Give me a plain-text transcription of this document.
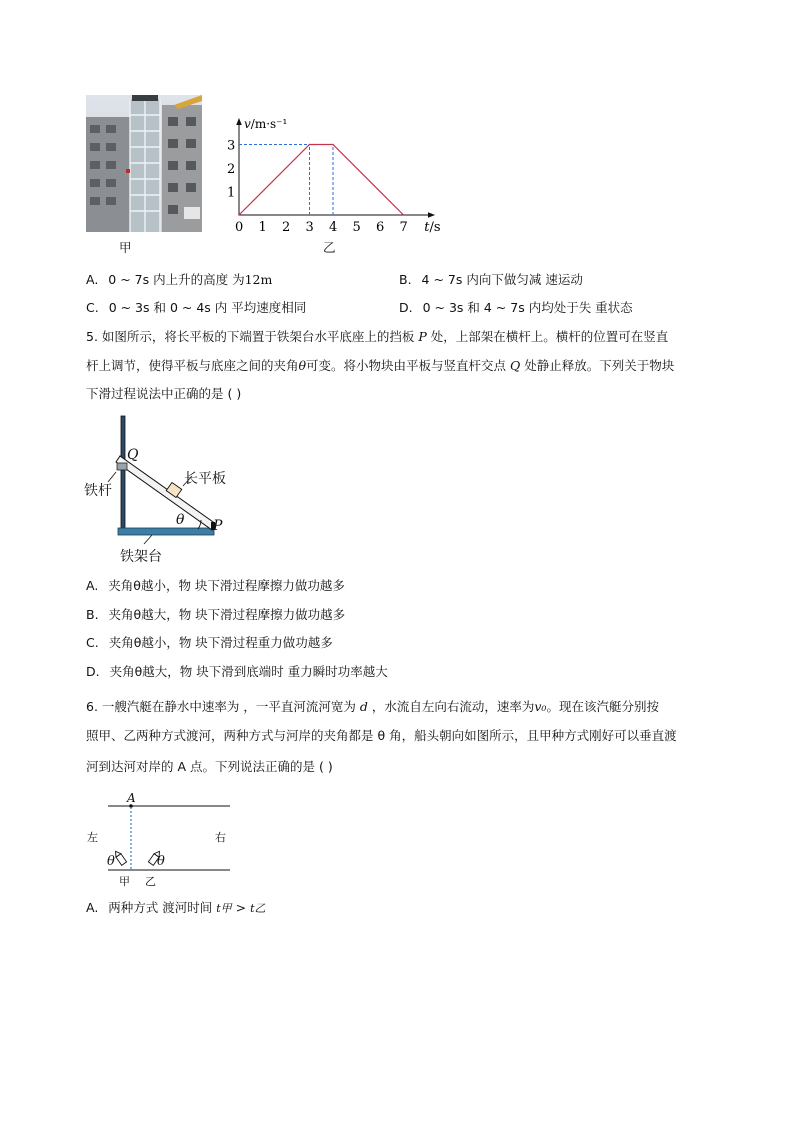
甲
0 1 2 3 4 5 6 7
1
2
3
v/m·s⁻¹
t/s
乙
A. 0 ~ 7s 内上升的高度 为12m	B. 4 ~ 7s 内向下做匀减 速运动
C. 0 ~ 3s 和 0 ~ 4s 内 平均速度相同	D. 0 ~ 3s 和 4 ~ 7s 内均处于失 重状态
5. 如图所示，将长平板的下端置于铁架台水平底座上的挡板 P 处，上部架在横杆上。横杆的位置可在竖直
杆上调节，使得平板与底座之间的夹角θ可变。将小物块由平板与竖直杆交点 Q 处静止释放。下列关于物块
下滑过程说法中正确的是 ( )
Q
铁杆
长平板
θ P
铁架台
A. 夹角θ越小，物 块下滑过程摩擦力做功越多
B. 夹角θ越大，物 块下滑过程摩擦力做功越多
C. 夹角θ越小，物 块下滑过程重力做功越多
D. 夹角θ越大，物 块下滑到底端时 重力瞬时功率越大
6. 一艘汽艇在静水中速率为 ，一平直河流河宽为 d ，水流自左向右流动，速率为v₀。现在该汽艇分别按
照甲、乙两种方式渡河，两种方式与河岸的夹角都是 θ 角，船头朝向如图所示，且甲种方式刚好可以垂直渡
河到达河对岸的 A 点。下列说法正确的是 ( )
A
左	右
θ	θ
甲 乙
A. 两种方式 渡河时间 t甲 > t乙
